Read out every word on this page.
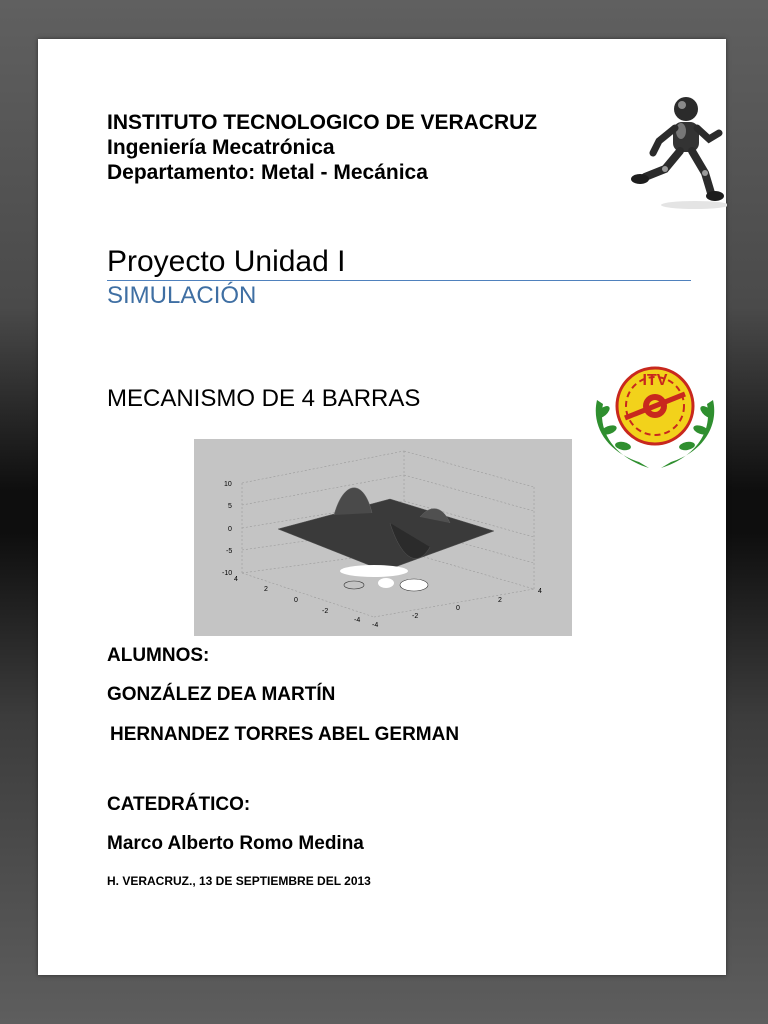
INSTITUTO TECNOLOGICO DE VERACRUZ

Ingeniería Mecatrónica

Departamento: Metal - Mecánica

Proyecto Unidad I

SIMULACIÓN

MECANISMO DE 4 BARRAS

ITV
10
5
0
-5
-10
4
2
0
-2
-4
-4
-2
0
2
4

ALUMNOS:

GONZÁLEZ DEA MARTÍN

HERNANDEZ TORRES ABEL GERMAN

CATEDRÁTICO:

Marco Alberto Romo Medina

H. VERACRUZ., 13 DE SEPTIEMBRE DEL 2013
